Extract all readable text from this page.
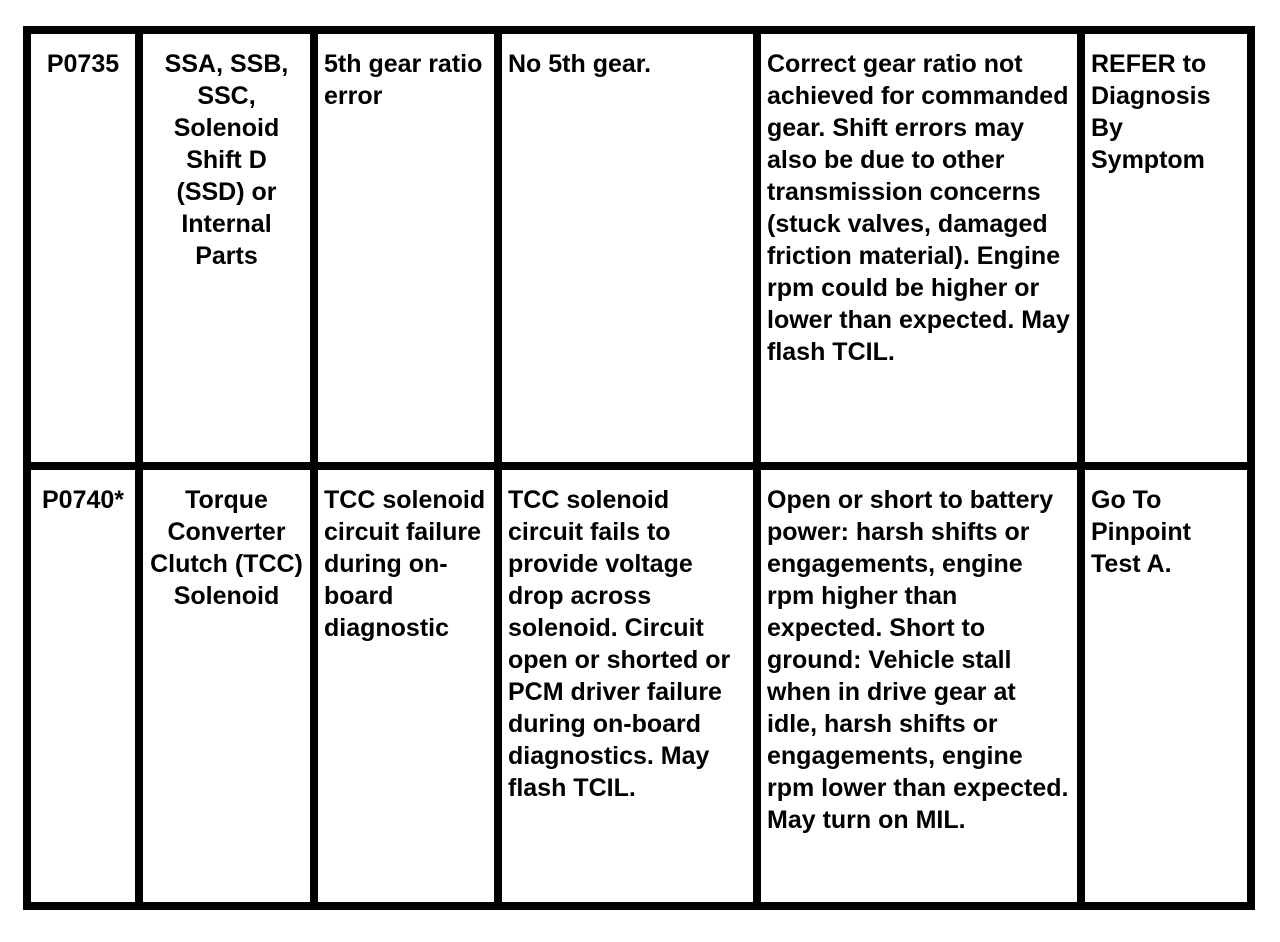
P0735	SSA, SSB, SSC, Solenoid Shift D (SSD) or Internal Parts	5th gear ratio error	No 5th gear.	Correct gear ratio not achieved for commanded gear. Shift errors may also be due to other transmission concerns (stuck valves, damaged friction material). Engine rpm could be higher or lower than expected. May flash TCIL.	REFER to Diagnosis By Symptom
P0740*	Torque Converter Clutch (TCC) Solenoid	TCC solenoid circuit failure during on-board diagnostic	TCC solenoid circuit fails to provide voltage drop across solenoid. Circuit open or shorted or PCM driver failure during on-board diagnostics. May flash TCIL.	Open or short to battery power: harsh shifts or engagements, engine rpm higher than expected. Short to ground: Vehicle stall when in drive gear at idle, harsh shifts or engagements, engine rpm lower than expected. May turn on MIL.	Go To Pinpoint Test A.
